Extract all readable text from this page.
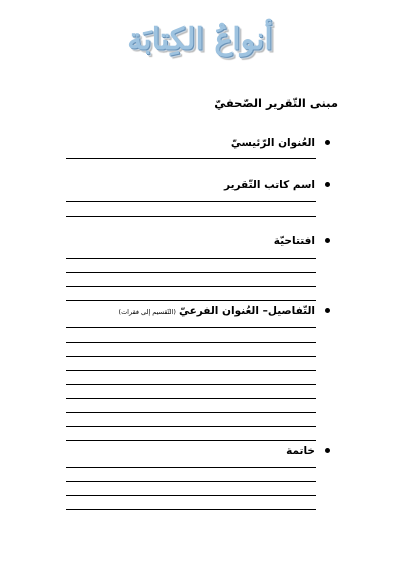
أنواعُ الكِتابَة
مبنى التّقرير الصّحفيّ
العُنوان الرّئيسيّ
اسم كاتب التّقرير
افتتاحيّة
التّفاصيل– العُنوان الفرعيّ(التّقسيم إلى فقرات)
خاتمة
